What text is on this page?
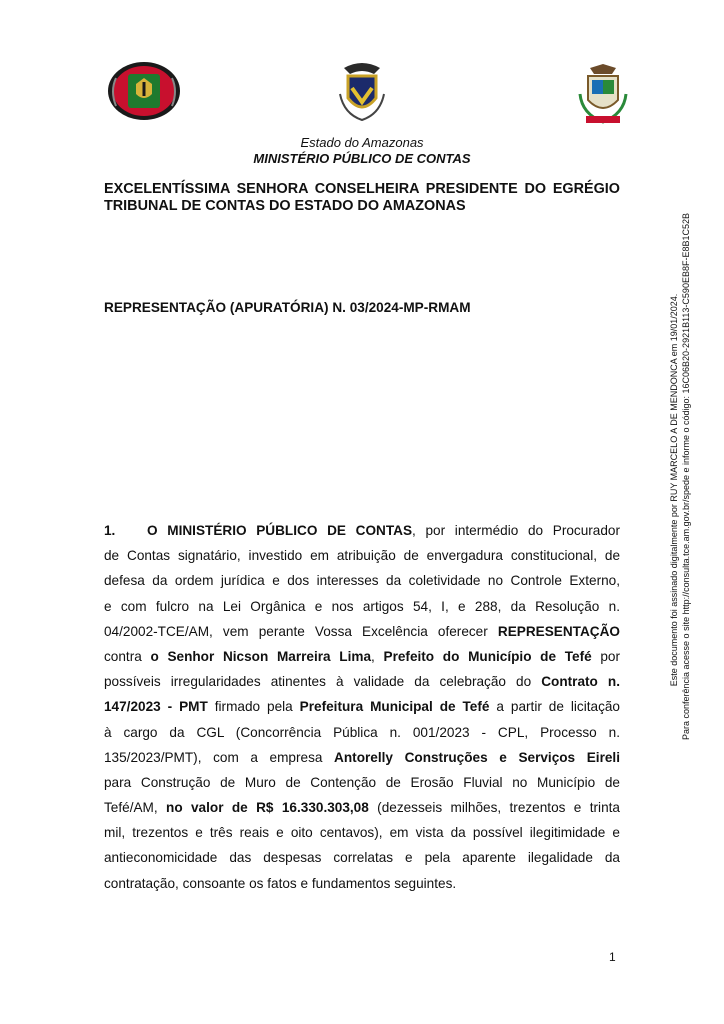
Estado do Amazonas
MINISTÉRIO PÚBLICO DE CONTAS

EXCELENTÍSSIMA SENHORA CONSELHEIRA PRESIDENTE DO EGRÉGIO TRIBUNAL DE CONTAS DO ESTADO DO AMAZONAS

REPRESENTAÇÃO (APURATÓRIA) N. 03/2024-MP-RMAM

1. O MINISTÉRIO PÚBLICO DE CONTAS, por intermédio do Procurador
de Contas signatário, investido em atribuição de envergadura constitucional, de
defesa da ordem jurídica e dos interesses da coletividade no Controle Externo,
e com fulcro na Lei Orgânica e nos artigos 54, I, e 288, da Resolução n.
04/2002-TCE/AM, vem perante Vossa Excelência oferecer REPRESENTAÇÃO
contra o Senhor Nicson Marreira Lima, Prefeito do Município de Tefé por
possíveis irregularidades atinentes à validade da celebração do Contrato n.
147/2023 - PMT firmado pela Prefeitura Municipal de Tefé a partir de licitação
à cargo da CGL (Concorrência Pública n. 001/2023 - CPL, Processo n.
135/2023/PMT), com a empresa Antorelly Construções e Serviços Eireli
para Construção de Muro de Contenção de Erosão Fluvial no Município de
Tefé/AM, no valor de R$ 16.330.303,08 (dezesseis milhões, trezentos e trinta
mil, trezentos e três reais e oito centavos), em vista da possível ilegitimidade e
antieconomicidade das despesas correlatas e pela aparente ilegalidade da
contratação, consoante os fatos e fundamentos seguintes.
1
Este documento foi assinado digitalmente por RUY MARCELO A DE MENDONCA em 19/01/2024. Para conferência acesse o site http://consulta.tce.am.gov.br/spede e informe o código: 16C06B20-2921B113-C590EB8F-E8B1C52B
